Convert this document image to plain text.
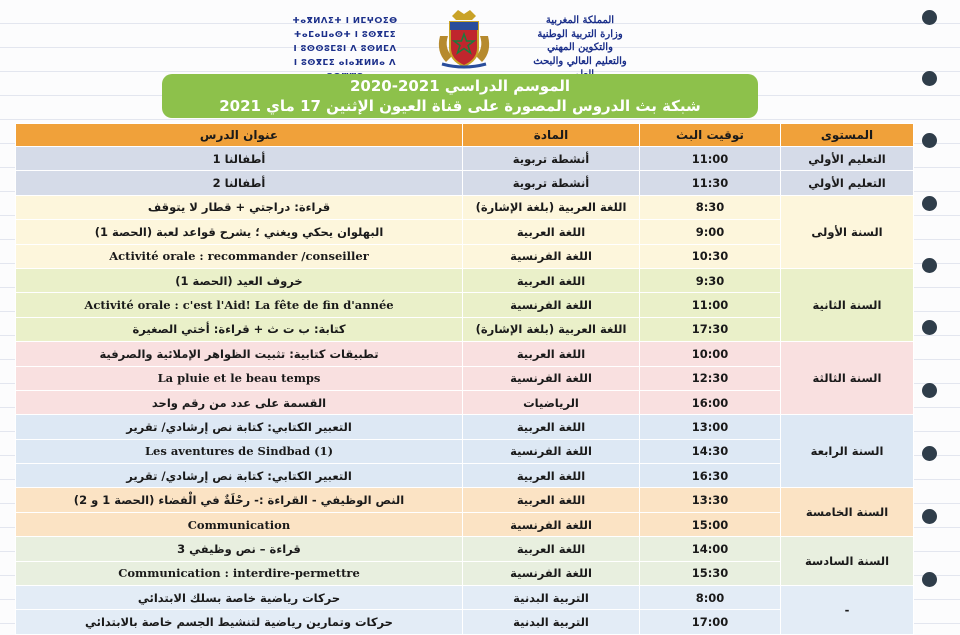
ⵜⴰⴳⵍⴷⵉⵜ ⵏ ⵍⵎⵖⵔⵉⴱ
ⵜⴰⵎⴰⵡⴰⵙⵜ ⵏ ⵓⵙⴳⵎⵉ
ⵏ ⵓⵙⵙⵓⵎⵓⵏ ⴷ ⵓⵙⵍⵎⴷ
ⵏ ⵓⵙⴳⵎⵉ ⴰⵏⴰⴼⵍⵍⴰ ⴷ
المملكة المغربية
وزارة التربية الوطنية
والتكوين المهني
والتعليم العالي والبحث
الموسم الدراسي 2021-2020
شبكة بث الدروس المصورة على قناة العيون الإثنين 17 ماي 2021
عنوان الدرس	المادة	توقيت البث	المستوى
أطفالنا 1	أنشطة تربوية	11:00	التعليم الأولي
أطفالنا 2	أنشطة تربوية	11:30	التعليم الأولي
قراءة: دراجتي + قطار لا يتوقف	اللغة العربية (بلغة الإشارة)	8:30	السنة الأولى
البهلوان يحكي ويغني ؛ يشرح قواعد لعبة (الحصة 1)	اللغة العربية	9:00	
Activité orale : recommander /conseiller	اللغة الفرنسية	10:30	
خروف العيد (الحصة 1)	اللغة العربية	9:30	السنة الثانية
Activité orale : c'est l'Aid! La fête de fin d'année	اللغة الفرنسية	11:00	
كتابة: ب ت ث + قراءة: أختي الصغيرة	اللغة العربية (بلغة الإشارة)	17:30	
تطبيقات كتابية: تثبيت الظواهر الإملائية والصرفية	اللغة العربية	10:00	السنة الثالثة
La pluie et le beau temps	اللغة الفرنسية	12:30	
القسمة على عدد من رقم واحد	الرياضيات	16:00	
التعبير الكتابي: كتابة نص إرشادي/ تقرير	اللغة العربية	13:00	السنة الرابعة
Les aventures de Sindbad (1)	اللغة الفرنسية	14:30	
التعبير الكتابي: كتابة نص إرشادي/ تقرير	اللغة العربية	16:30	
النص الوظيفي - القراءة :- رحْلَةٌ في الْفضاء (الحصة 1 و 2)	اللغة العربية	13:30	السنة الخامسة
Communication	اللغة الفرنسية	15:00	
قراءة – نص وظيفي 3	اللغة العربية	14:00	السنة السادسة
Communication : interdire-permettre	اللغة الفرنسية	15:30	
حركات رياضية خاصة بسلك الابتدائي	التربية البدنية	8:00	-
حركات وتمارين رياضية لتنشيط الجسم خاصة بالابتدائي	التربية البدنية	17:00	
